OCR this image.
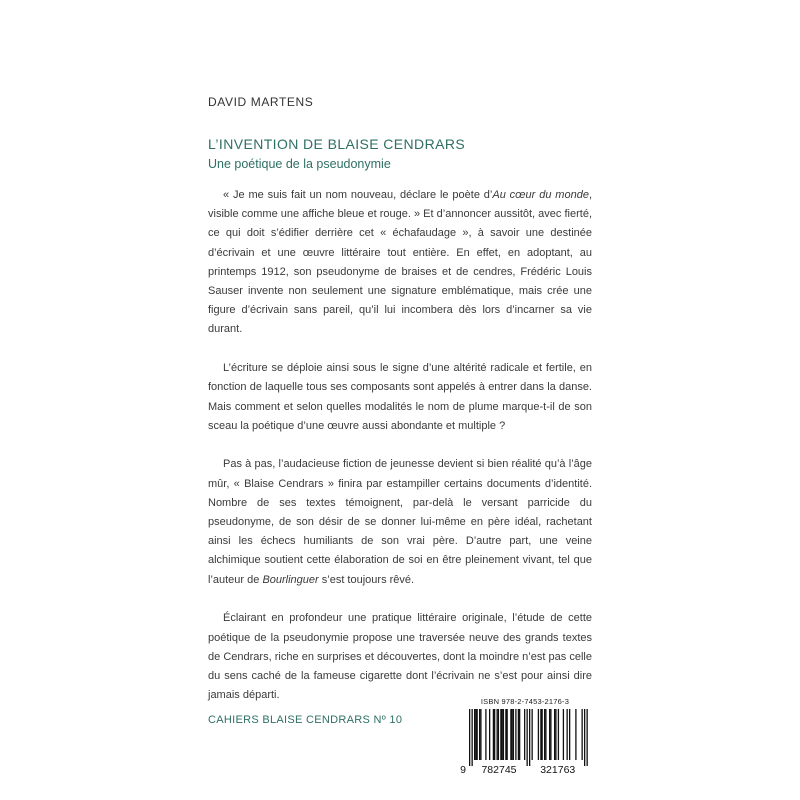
DAVID MARTENS
L’INVENTION DE BLAISE CENDRARS
Une poétique de la pseudonymie

« Je me suis fait un nom nouveau, déclare le poète d’Au cœur du monde, visible comme une affiche bleue et rouge. » Et d’annoncer aussitôt, avec fierté, ce qui doit s’édifier derrière cet « échafaudage », à savoir une destinée d’écrivain et une œuvre littéraire tout entière. En effet, en adoptant, au printemps 1912, son pseudonyme de braises et de cendres, Frédéric Louis Sauser invente non seulement une signature emblématique, mais crée une figure d’écrivain sans pareil, qu’il lui incombera dès lors d’incarner sa vie durant.

L’écriture se déploie ainsi sous le signe d’une altérité radicale et fertile, en fonction de laquelle tous ses composants sont appelés à entrer dans la danse. Mais comment et selon quelles modalités le nom de plume marque-t-il de son sceau la poétique d’une œuvre aussi abondante et multiple ?

Pas à pas, l’audacieuse fiction de jeunesse devient si bien réalité qu’à l’âge mûr, « Blaise Cendrars » finira par estampiller certains documents d’identité. Nombre de ses textes témoignent, par-delà le versant parricide du pseudonyme, de son désir de se donner lui-même en père idéal, rachetant ainsi les échecs humiliants de son vrai père. D’autre part, une veine alchimique soutient cette élaboration de soi en être pleinement vivant, tel que l’auteur de Bourlinguer s’est toujours rêvé.

Éclairant en profondeur une pratique littéraire originale, l’étude de cette poétique de la pseudonymie propose une traversée neuve des grands textes de Cendrars, riche en surprises et découvertes, dont la moindre n’est pas celle du sens caché de la fameuse cigarette dont l’écrivain ne s’est pour ainsi dire jamais départi.

CAHIERS BLAISE CENDRARS Nº 10
ISBN 978-2-7453-2176-3
9 782745 321763
